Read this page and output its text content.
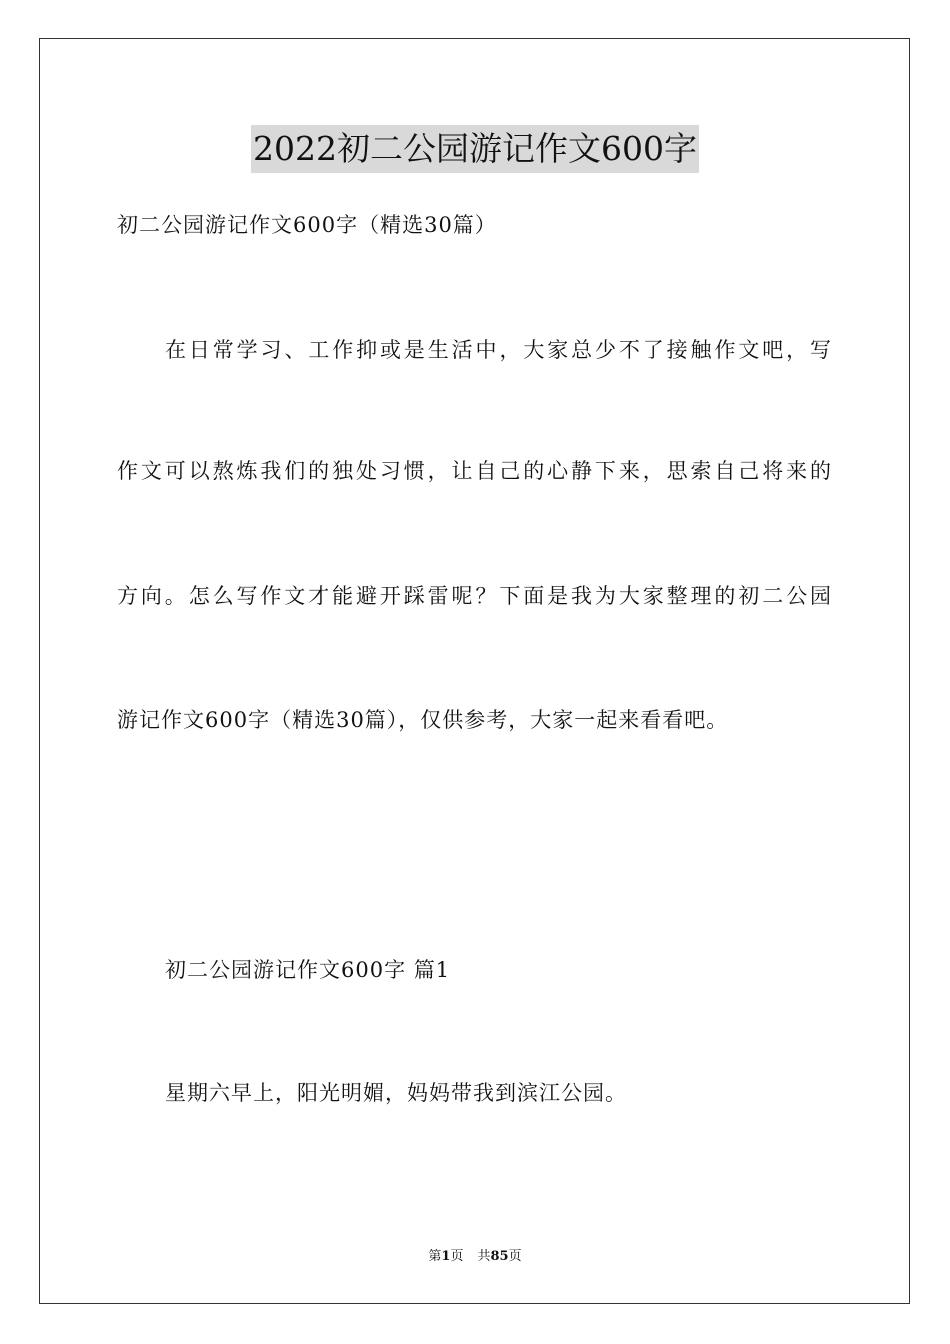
2022初二公园游记作文600字
初二公园游记作文600字（精选30篇）
在日常学习、工作抑或是生活中，大家总少不了接触作文吧，写
作文可以熬炼我们的独处习惯，让自己的心静下来，思索自己将来的
方向。怎么写作文才能避开踩雷呢？下面是我为大家整理的初二公园
游记作文600字（精选30篇），仅供参考，大家一起来看看吧。
初二公园游记作文600字 篇1
星期六早上，阳光明媚，妈妈带我到滨江公园。
第1页 共85页
